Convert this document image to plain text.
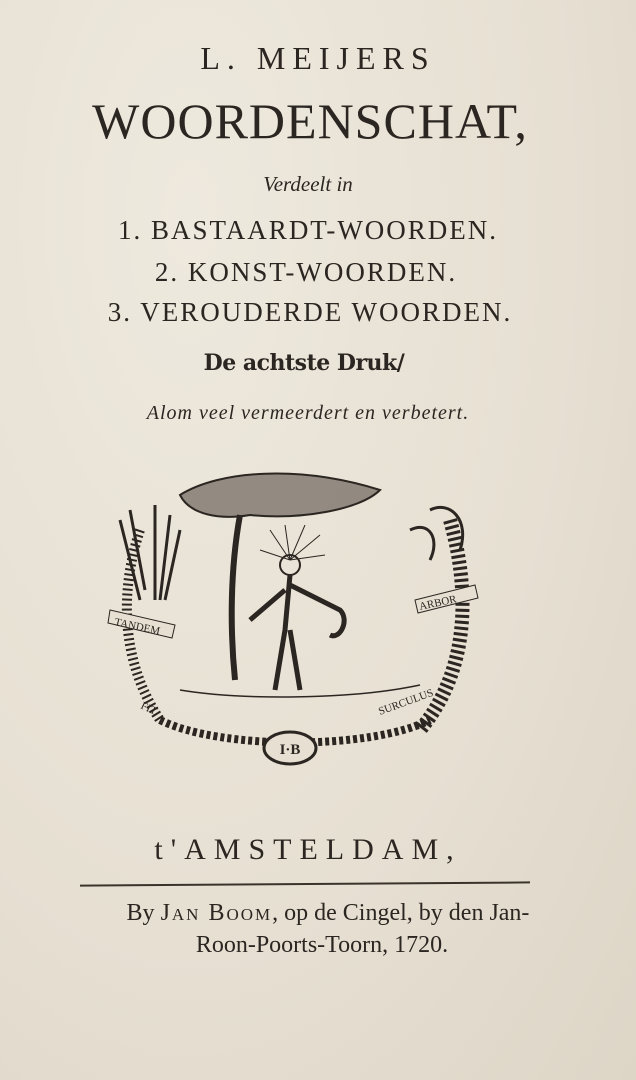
L. MEIJERS
WOORDENSCHAT,
Verdeelt in
1. BASTAARDT-WOORDEN.
2. KONST-WOORDEN.
3. VEROUDERDE WOORDEN.
De achtste Druk/
Alom veel vermeerdert en verbetert.
TANDEM
ARBOR
FIT	SURCULUS
I·B
t'AMSTELDAM,
By Jan Boom, op de Cingel, by den Jan-
Roon-Poorts-Toorn, 1720.
